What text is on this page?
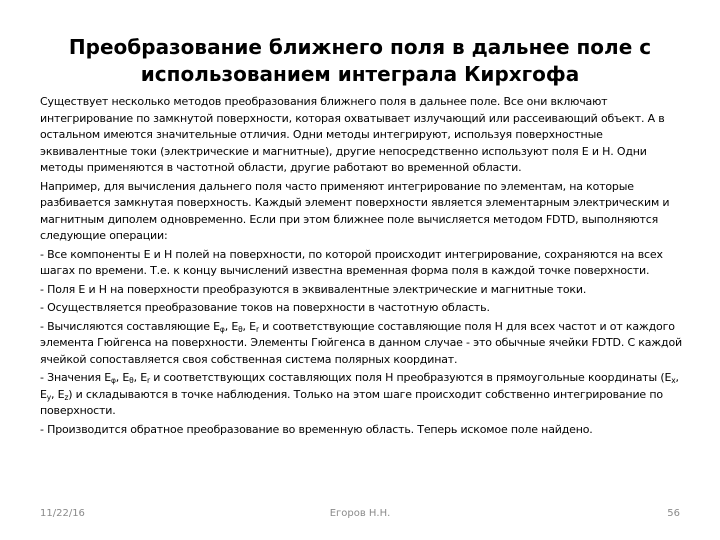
Преобразование ближнего поля в дальнее поле с использованием интеграла Кирхгофа

Существует несколько методов преобразования ближнего поля в дальнее поле. Все они включают интегрирование по замкнутой поверхности, которая охватывает излучающий или рассеивающий объект. А в остальном имеются значительные отличия. Одни методы интегрируют, используя поверхностные эквивалентные токи (электрические и магнитные), другие непосредственно используют поля Е и Н. Одни методы применяются в частотной области, другие работают во временной области.

Например, для вычисления дальнего поля часто применяют интегрирование по элементам, на которые разбивается замкнутая поверхность. Каждый элемент поверхности является элементарным электрическим и магнитным диполем одновременно. Если при этом ближнее поле вычисляется методом FDTD, выполняются следующие операции:

- Все компоненты Е и Н полей на поверхности, по которой происходит интегрирование, сохраняются на всех шагах по времени. Т.е. к концу вычислений известна временная форма поля в каждой точке поверхности.

- Поля Е и Н на поверхности преобразуются в эквивалентные электрические и магнитные токи.

- Осуществляется преобразование токов на поверхности в частотную область.

- Вычисляются составляющие $Е_\varphi$, $Е_\theta$, $Е_r$ и соответствующие составляющие поля Н для всех частот и от каждого элемента Гюйгенса на поверхности. Элементы Гюйгенса в данном случае - это обычные ячейки FDTD. С каждой ячейкой сопоставляется своя собственная система полярных координат.

- Значения $Е_\varphi$, $Е_\theta$, $Е_r$ и соответствующих составляющих поля Н преобразуются в прямоугольные координаты ($Е_x$, $Е_y$, $Е_z$) и складываются в точке наблюдения. Только на этом шаге происходит собственно интегрирование по поверхности.

- Производится обратное преобразование во временную область. Теперь искомое поле найдено.

11/22/16	Егоров Н.Н.	56
